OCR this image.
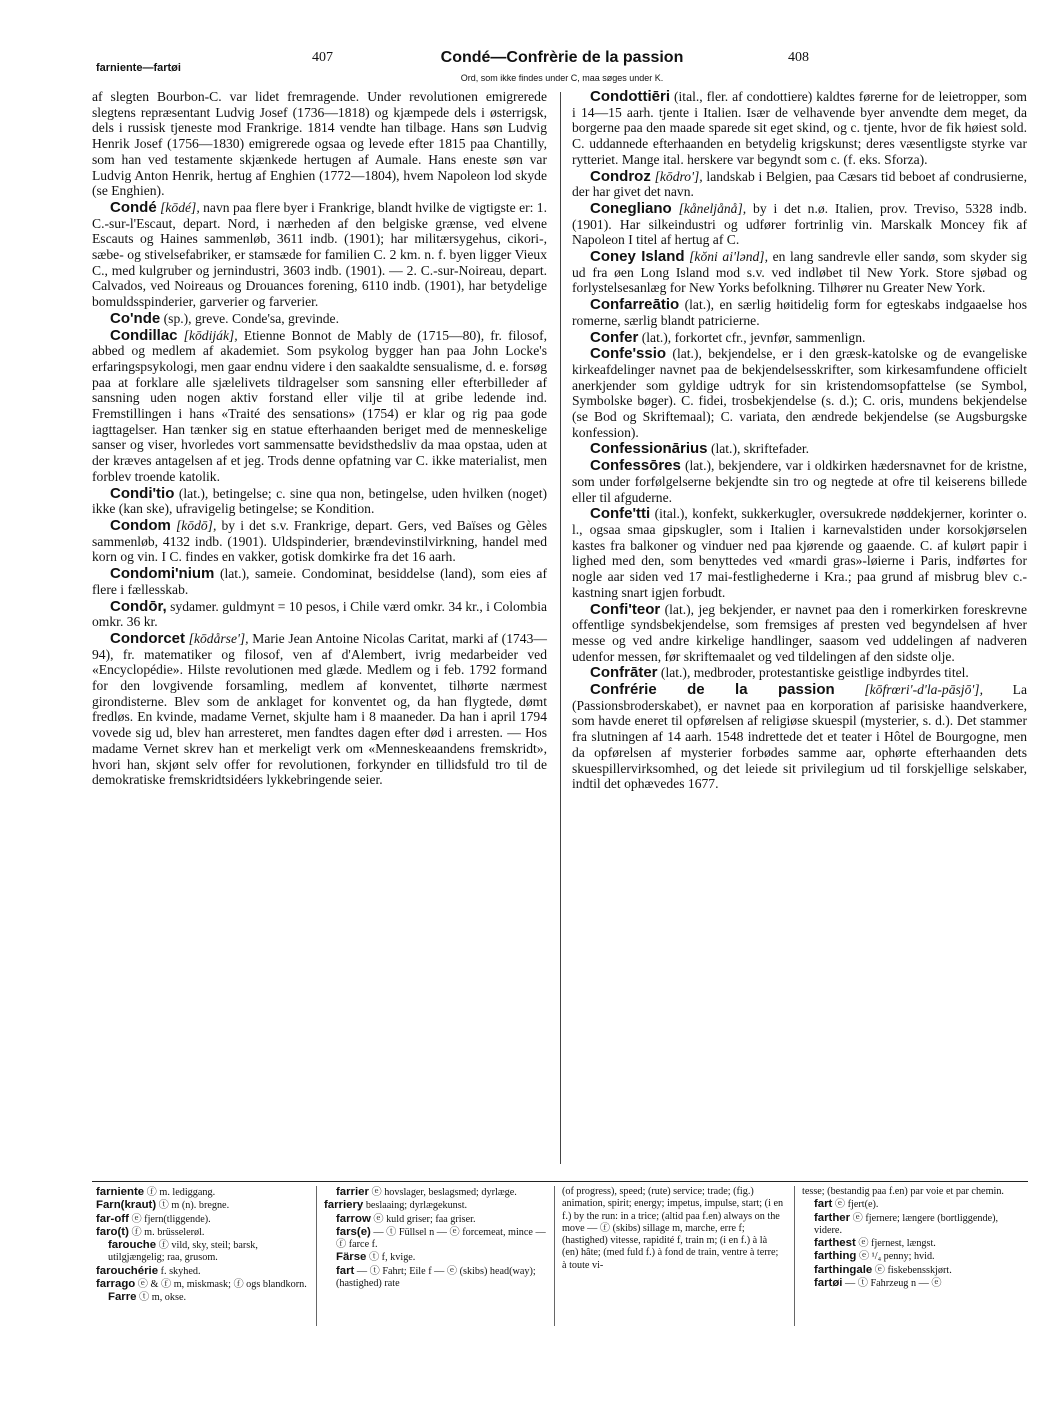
farniente—fartøi
407	Condé—Confrèrie de la passion	408
Ord, som ikke findes under C, maa søges under K.

af slegten Bourbon-C. var lidet fremragende. Under revolutionen emigrerede slegtens repræsentant Ludvig Josef (1736—1818) og kjæmpede dels i østerrigsk, dels i russisk tjeneste mod Frankrige. 1814 vendte han tilbage. Hans søn Ludvig Henrik Josef (1756—1830) emigrerede ogsaa og levede efter 1815 paa Chantilly, som han ved testamente skjænkede hertugen af Aumale. Hans eneste søn var Ludvig Anton Henrik, hertug af Enghien (1772—1804), hvem Napoleon lod skyde (se Enghien).

Condé [kōdé], navn paa flere byer i Frankrige, blandt hvilke de vigtigste er: 1. C.-sur-l'Escaut, depart. Nord, i nærheden af den belgiske grænse, ved elvene Escauts og Haines sammenløb, 3611 indb. (1901); har militærsygehus, cikori-, sæbe- og stivelsefabriker, er stamsæde for familien C. 2 km. n. f. byen ligger Vieux C., med kulgruber og jernindustri, 3603 indb. (1901). — 2. C.-sur-Noireau, depart. Calvados, ved Noireaus og Drouances forening, 6110 indb. (1901), har betydelige bomuldsspinderier, garverier og farverier.

Co'nde (sp.), greve. Conde'sa, grevinde.

Condillac [kōdiják], Etienne Bonnot de Mably de (1715—80), fr. filosof, abbed og medlem af akademiet. Som psykolog bygger han paa John Locke's erfaringspsykologi, men gaar endnu videre i den saakaldte sensualisme, d. e. forsøg paa at forklare alle sjælelivets tildragelser som sansning eller efterbilleder af sansning uden nogen aktiv forstand eller vilje til at gribe ledende ind. Fremstillingen i hans «Traité des sensations» (1754) er klar og rig paa gode iagttagelser. Han tænker sig en statue efterhaanden beriget med de menneskelige sanser og viser, hvorledes vort sammensatte bevidsthedsliv da maa opstaa, uden at der kræves antagelsen af et jeg. Trods denne opfatning var C. ikke materialist, men forblev troende katolik.

Condi'tio (lat.), betingelse; c. sine qua non, betingelse, uden hvilken (noget) ikke (kan ske), ufravigelig betingelse; se Kondition.

Condom [kōdō], by i det s.v. Frankrige, depart. Gers, ved Baïses og Gèles sammenløb, 4132 indb. (1901). Uldspinderier, brændevinstilvirkning, handel med korn og vin. I C. findes en vakker, gotisk domkirke fra det 16 aarh.

Condomi'nium (lat.), sameie. Condominat, besiddelse (land), som eies af flere i fællesskab.

Condōr, sydamer. guldmynt = 10 pesos, i Chile værd omkr. 34 kr., i Colombia omkr. 36 kr.

Condorcet [kōdårse'], Marie Jean Antoine Nicolas Caritat, marki af (1743—94), fr. matematiker og filosof, ven af d'Alembert, ivrig medarbeider ved «Encyclopédie». Hilste revolutionen med glæde. Medlem og i feb. 1792 formand for den lovgivende forsamling, medlem af konventet, tilhørte nærmest girondisterne. Blev som de anklaget for konventet og, da han flygtede, dømt fredløs. En kvinde, madame Vernet, skjulte ham i 8 maaneder. Da han i april 1794 vovede sig ud, blev han arresteret, men fandtes dagen efter død i arresten. — Hos madame Vernet skrev han et merkeligt verk om «Menneskeaandens fremskridt», hvori han, skjønt selv offer for revolutionen, forkynder en tillidsfuld tro til de demokratiske fremskridtsidéers lykkebringende seier.

Condottiēri (ital., fler. af condottiere) kaldtes førerne for de leietropper, som i 14—15 aarh. tjente i Italien. Især de velhavende byer anvendte dem meget, da borgerne paa den maade sparede sit eget skind, og c. tjente, hvor de fik høiest sold. C. uddannede efterhaanden en betydelig krigskunst; deres væsentligste styrke var rytteriet. Mange ital. herskere var begyndt som c. (f. eks. Sforza).

Condroz [kōdro'], landskab i Belgien, paa Cæsars tid beboet af condrusierne, der har givet det navn.

Conegliano [kåneljånå], by i det n.ø. Italien, prov. Treviso, 5328 indb. (1901). Har silkeindustri og udfører fortrinlig vin. Marskalk Moncey fik af Napoleon I titel af hertug af C.

Coney Island [kŏni ai'lənd], en lang sandrevle eller sandø, som skyder sig ud fra øen Long Island mod s.v. ved indløbet til New York. Store sjøbad og forlystelsesanlæg for New Yorks befolkning. Tilhører nu Greater New York.

Confarreātio (lat.), en særlig høitidelig form for egteskabs indgaaelse hos romerne, særlig blandt patricierne.

Confer (lat.), forkortet cfr., jevnfør, sammenlign.

Confe'ssio (lat.), bekjendelse, er i den græsk-katolske og de evangeliske kirkeafdelinger navnet paa de bekjendelsesskrifter, som kirkesamfundene officielt anerkjender som gyldige udtryk for sin kristendomsopfattelse (se Symbol, Symbolske bøger). C. fidei, trosbekjendelse (s. d.); C. oris, mundens bekjendelse (se Bod og Skriftemaal); C. variata, den ændrede bekjendelse (se Augsburgske konfession).

Confessionārius (lat.), skriftefader.

Confessōres (lat.), bekjendere, var i oldkirken hædersnavnet for de kristne, som under forfølgelserne bekjendte sin tro og negtede at ofre til keiserens billede eller til afguderne.

Confe'tti (ital.), konfekt, sukkerkugler, oversukrede nøddekjerner, korinter o. l., ogsaa smaa gipskugler, som i Italien i karnevalstiden under korsokjørselen kastes fra balkoner og vinduer ned paa kjørende og gaaende. C. af kulørt papir i lighed med den, som benyttedes ved «mardi gras»-løierne i Paris, indførtes for nogle aar siden ved 17 mai-festlighederne i Kra.; paa grund af misbrug blev c.-kastning snart igjen forbudt.

Confi'teor (lat.), jeg bekjender, er navnet paa den i romerkirken foreskrevne offentlige syndsbekjendelse, som fremsiges af presten ved begyndelsen af hver messe og ved andre kirkelige handlinger, saasom ved uddelingen af nadveren udenfor messen, før skriftemaalet og ved tildelingen af den sidste olje.

Confrāter (lat.), medbroder, protestantiske geistlige indbyrdes titel.

Confrérie de la passion [kōfrœri'-d'la-pāsjō'], La (Passionsbroderskabet), er navnet paa en korporation af parisiske haandverkere, som havde eneret til opførelsen af religiøse skuespil (mysterier, s. d.). Det stammer fra slutningen af 14 aarh. 1548 indrettede det et teater i Hôtel de Bourgogne, men da opførelsen af mysterier forbødes samme aar, ophørte efterhaanden dets skuespillervirksomhed, og det leiede sit privilegium ud til forskjellige selskaber, indtil det ophævedes 1677.

farniente ⓕ m. lediggang.

Farn(kraut) ⓣ m (n). bregne.

far-off ⓔ fjern(tliggende).

faro(t) ⓕ m. brüsselerøl.

farouche ⓕ vild, sky, steil; barsk, utilgjængelig; raa, grusom.

farouchérie f. skyhed.

farrago ⓔ & ⓕ m, miskmask; ⓕ ogs blandkorn.

Farre ⓣ m, okse.

farrier ⓔ hovslager, beslagsmed; dyrlæge.

farriery beslaaing; dyrlægekunst.

farrow ⓔ kuld griser; faa griser.

fars(e) — ⓣ Füllsel n — ⓔ forcemeat, mince — ⓕ farce f.

Färse ⓣ f, kvige.

fart — ⓣ Fahrt; Eile f — ⓔ (skibs) head(way); (hastighed) rate

(of progress), speed; (rute) service; trade; (fig.) animation, spirit; energy; impetus, impulse, start; (i en f.) by the run: in a trice; (altid paa f.en) always on the move — ⓕ (skibs) sillage m, marche, erre f; (hastighed) vitesse, rapidité f, train m; (i en f.) à là (en) hâte; (med fuld f.) à fond de train, ventre à terre; à toute vi-

tesse; (bestandig paa f.en) par voie et par chemin.

fart ⓔ fjert(e).

farther ⓔ fjernere; længere (bortliggende), videre.

farthest ⓔ fjernest, længst.

farthing ⓔ ¹/₄ penny; hvid.

farthingale ⓔ fiskebensskjørt.

fartøi — ⓣ Fahrzeug n — ⓔ
